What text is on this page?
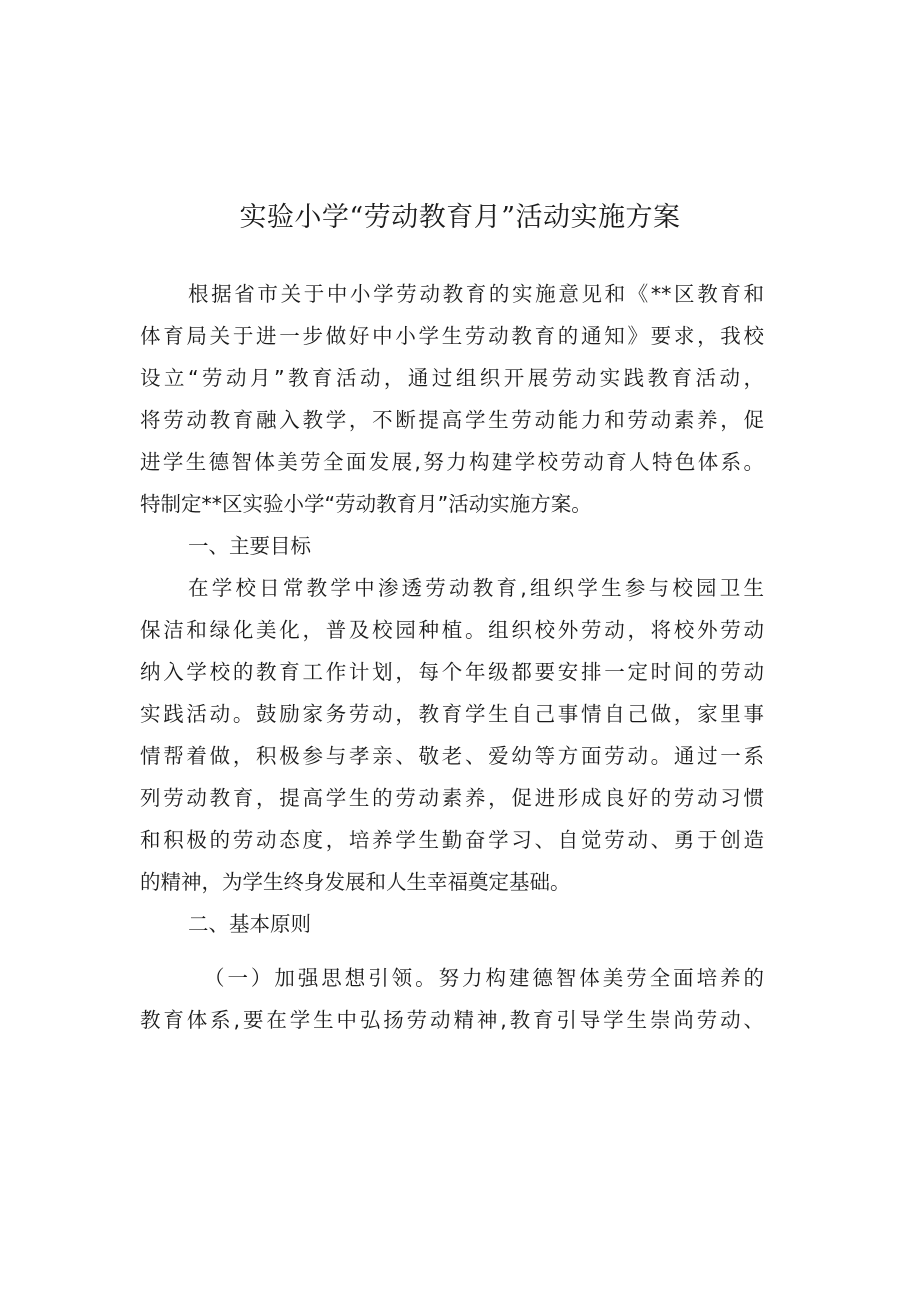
实验小学“劳动教育月”活动实施方案
根据省市关于中小学劳动教育的实施意见和《**区教育和
体育局关于进一步做好中小学生劳动教育的通知》要求，我校
设立“劳动月”教育活动，通过组织开展劳动实践教育活动，
将劳动教育融入教学，不断提高学生劳动能力和劳动素养，促
进学生德智体美劳全面发展,努力构建学校劳动育人特色体系。
特制定**区实验小学“劳动教育月”活动实施方案。
一、主要目标
在学校日常教学中渗透劳动教育,组织学生参与校园卫生
保洁和绿化美化，普及校园种植。组织校外劳动，将校外劳动
纳入学校的教育工作计划，每个年级都要安排一定时间的劳动
实践活动。鼓励家务劳动，教育学生自己事情自己做，家里事
情帮着做，积极参与孝亲、敬老、爱幼等方面劳动。通过一系
列劳动教育，提高学生的劳动素养，促进形成良好的劳动习惯
和积极的劳动态度，培养学生勤奋学习、自觉劳动、勇于创造
的精神，为学生终身发展和人生幸福奠定基础。
二、基本原则
（一）加强思想引领。努力构建德智体美劳全面培养的
教育体系,要在学生中弘扬劳动精神,教育引导学生崇尚劳动、
